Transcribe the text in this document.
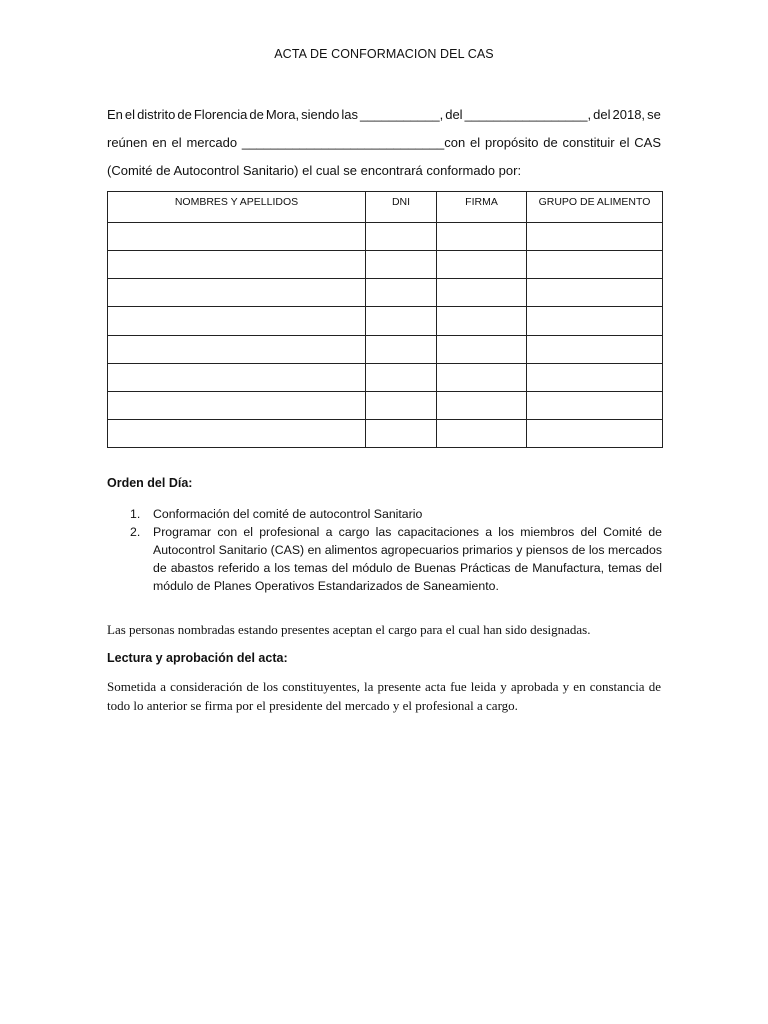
ACTA DE CONFORMACION DEL CAS
En el distrito de Florencia de Mora, siendo las ___________, del _________________, del 2018, se
reúnen en el mercado ____________________________con el propósito de constituir el CAS
(Comité de Autocontrol Sanitario) el cual se encontrará conformado por:
NOMBRES Y APELLIDOS	DNI	FIRMA	GRUPO DE ALIMENTO

Orden del Día:
1. Conformación del comité de autocontrol Sanitario
2. Programar con el profesional a cargo las capacitaciones a los miembros del Comité de Autocontrol Sanitario (CAS) en alimentos agropecuarios primarios y piensos de los mercados de abastos referido a los temas del módulo de Buenas Prácticas de Manufactura, temas del módulo de Planes Operativos Estandarizados de Saneamiento.
Las personas nombradas estando presentes aceptan el cargo para el cual han sido designadas.
Lectura y aprobación del acta:
Sometida a consideración de los constituyentes, la presente acta fue leida y aprobada y en constancia de todo lo anterior se firma por el presidente del mercado y el profesional a cargo.
